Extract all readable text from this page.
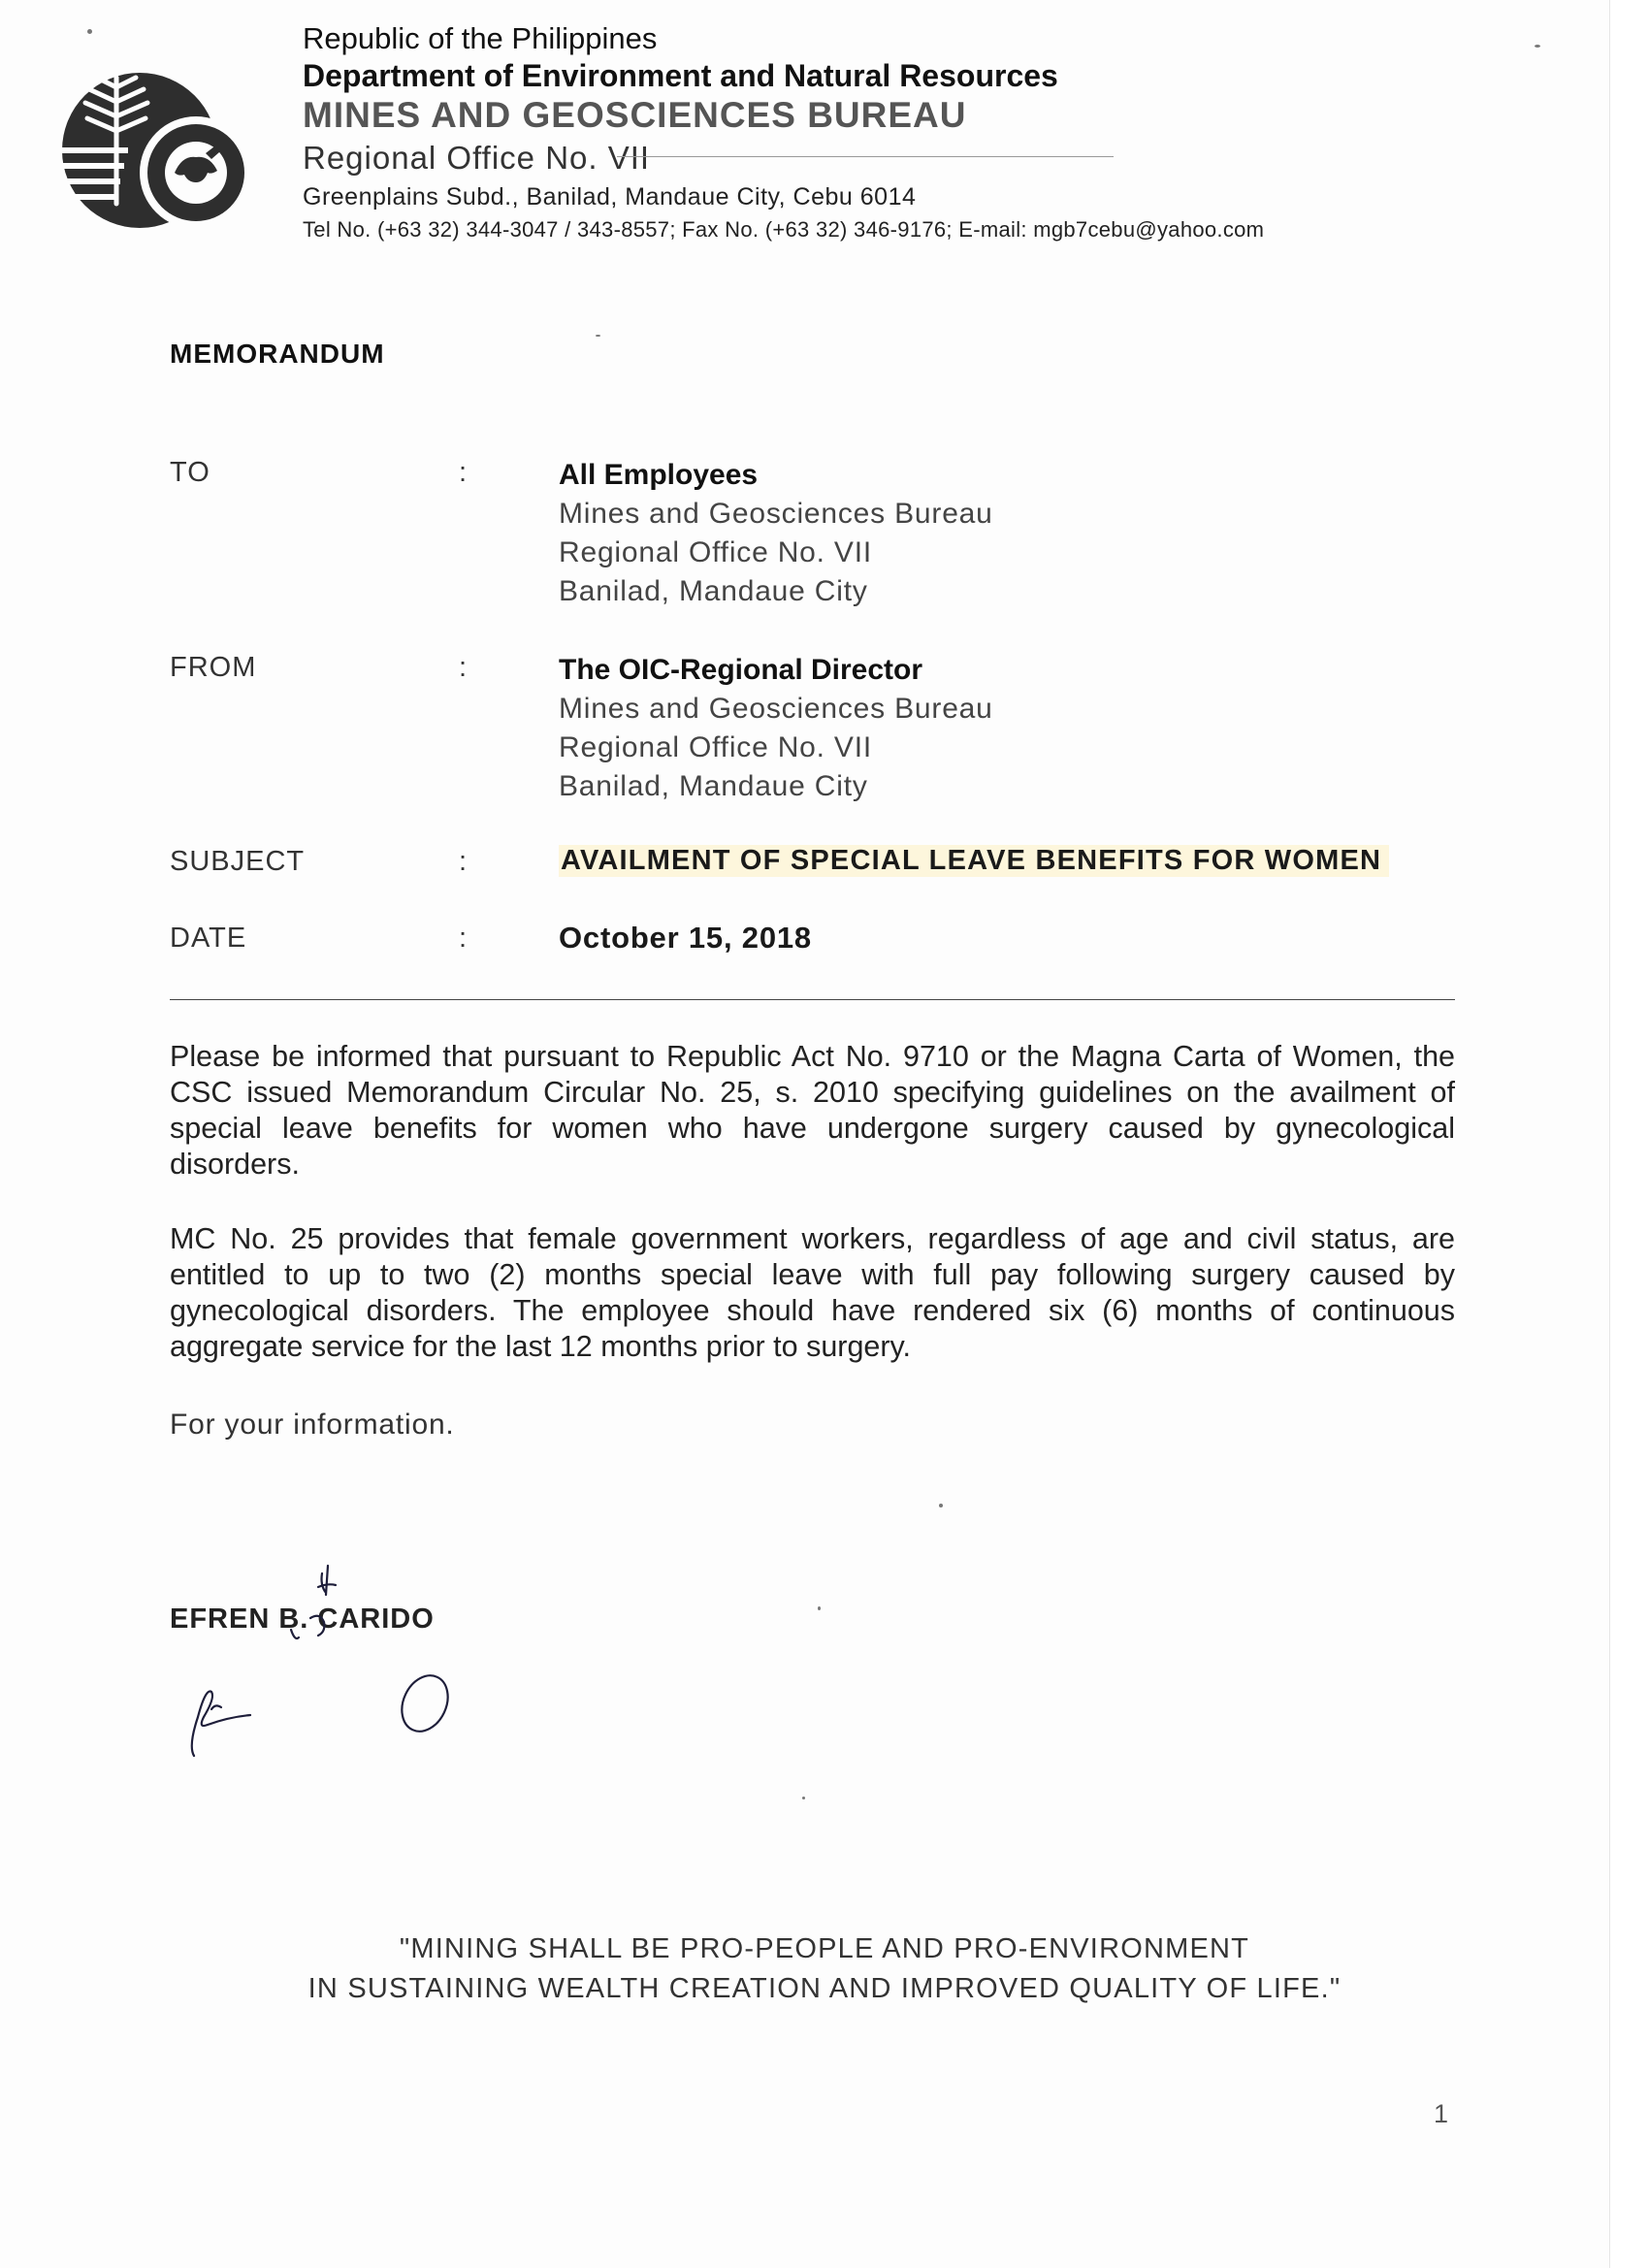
Republic of the Philippines
Department of Environment and Natural Resources
MINES AND GEOSCIENCES BUREAU
Regional Office No. VII
Greenplains Subd., Banilad, Mandaue City, Cebu 6014
Tel No. (+63 32) 344-3047 / 343-8557; Fax No. (+63 32) 346-9176; E-mail: mgb7cebu@yahoo.com
MEMORANDUM
TO	:	All Employees
Mines and Geosciences Bureau
Regional Office No. VII
Banilad, Mandaue City
FROM	:	The OIC-Regional Director
Mines and Geosciences Bureau
Regional Office No. VII
Banilad, Mandaue City
SUBJECT	:	AVAILMENT OF SPECIAL LEAVE BENEFITS FOR WOMEN
DATE	:	October 15, 2018

Please be informed that pursuant to Republic Act No. 9710 or the Magna Carta of Women, the CSC issued Memorandum Circular No. 25, s. 2010 specifying guidelines on the availment of special leave benefits for women who have undergone surgery caused by gynecological disorders.

MC No. 25 provides that female government workers, regardless of age and civil status, are entitled to up to two (2) months special leave with full pay following surgery caused by gynecological disorders. The employee should have rendered six (6) months of continuous aggregate service for the last 12 months prior to surgery.

For your information.
EFREN B. CARIDO
"MINING SHALL BE PRO-PEOPLE AND PRO-ENVIRONMENT
IN SUSTAINING WEALTH CREATION AND IMPROVED QUALITY OF LIFE."
1
